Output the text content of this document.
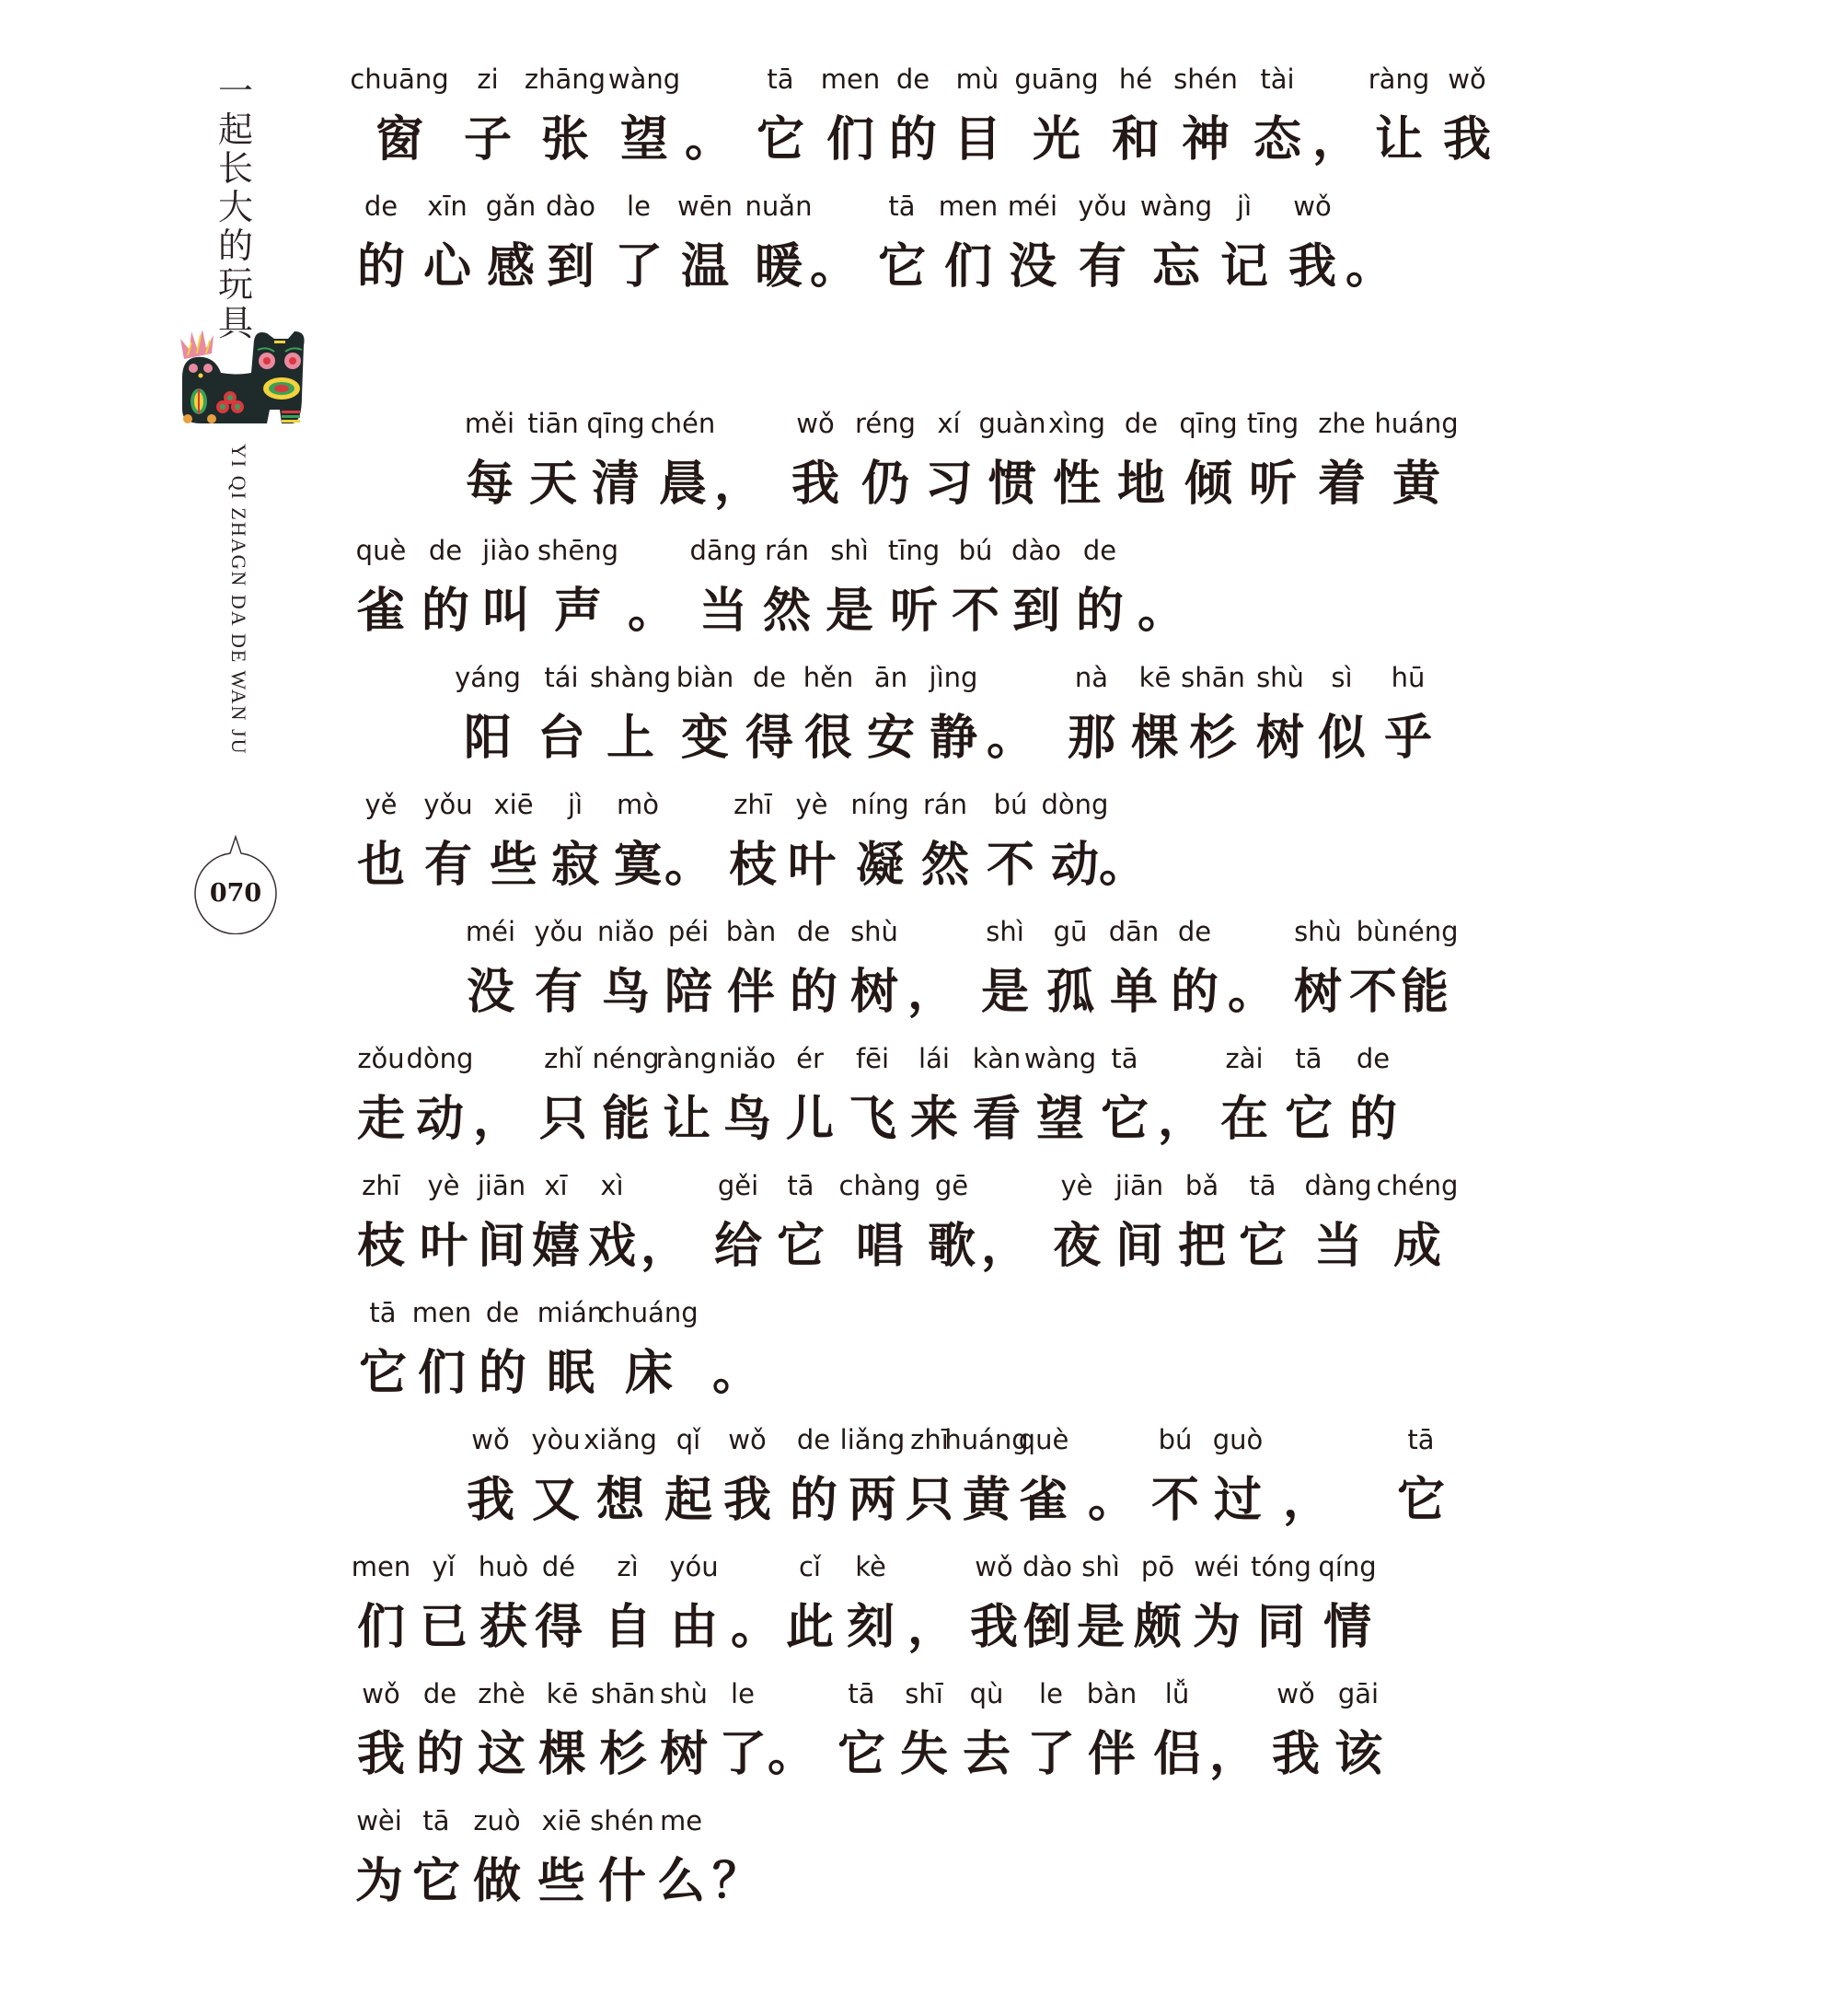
一
起
长
大
的
玩
具
YI QI ZHAGN DA DE WAN JU
070
chuāng
窗
zi
子
zhāng
张
wàng
望 。
tā
它
men
们
de
的
mù
目
guāng
光
hé
和
shén
神
tài
态 ，
ràng
让
wǒ
我
de
的
xīn
心
gǎn
感
dào
到
le
了
wēn
温
nuǎn
暖 。
tā
它
men
们
méi
没
yǒu
有
wàng
忘
jì
记
wǒ
我 。
měi
每
tiān
天
qīng
清
chén
晨 ，
wǒ
我
réng
仍
xí
习
guàn
惯
xìng
性
de
地
qīng
倾
tīng
听
zhe
着
huáng
黄
què
雀
de
的
jiào
叫
shēng
声 。
dāng
当
rán
然
shì
是
tīng
听
bú
不
dào
到
de
的 。
yáng
阳
tái
台
shàng
上
biàn
变
de
得
hěn
很
ān
安
jìng
静 。
nà
那
kē
棵
shān
杉
shù
树
sì
似
hū
乎
yě
也
yǒu
有
xiē
些
jì
寂
mò
寞 。
zhī
枝
yè
叶
níng
凝
rán
然
bú
不
dòng
动 。
méi
没
yǒu
有
niǎo
鸟
péi
陪
bàn
伴
de
的
shù
树 ，
shì
是
gū
孤
dān
单
de
的 。
shù
树
bù
不
néng
能
zǒu
走
dòng
动 ，
zhǐ
只
néng
能
ràng
让
niǎo
鸟
ér
儿
fēi
飞
lái
来
kàn
看
wàng
望
tā
它 ，
zài
在
tā
它
de
的
zhī
枝
yè
叶
jiān
间
xī
嬉
xì
戏 ，
gěi
给
tā
它
chàng
唱
gē
歌 ，
yè
夜
jiān
间
bǎ
把
tā
它
dàng
当
chéng
成
tā
它
men
们
de
的
mián
眠
chuáng
床 。
wǒ
我
yòu
又
xiǎng
想
qǐ
起
wǒ
我
de
的
liǎng
两
zhī
只
huáng
黄
què
雀 。
bú
不
guò
过 ，
tā
它
men
们
yǐ
已
huò
获
dé
得
zì
自
yóu
由 。
cǐ
此
kè
刻 ，
wǒ
我
dào
倒
shì
是
pō
颇
wéi
为
tóng
同
qíng
情
wǒ
我
de
的
zhè
这
kē
棵
shān
杉
shù
树
le
了 。
tā
它
shī
失
qù
去
le
了
bàn
伴
lǚ
侣 ，
wǒ
我
gāi
该
wèi
为
tā
它
zuò
做
xiē
些
shén
什
me
么 ？
